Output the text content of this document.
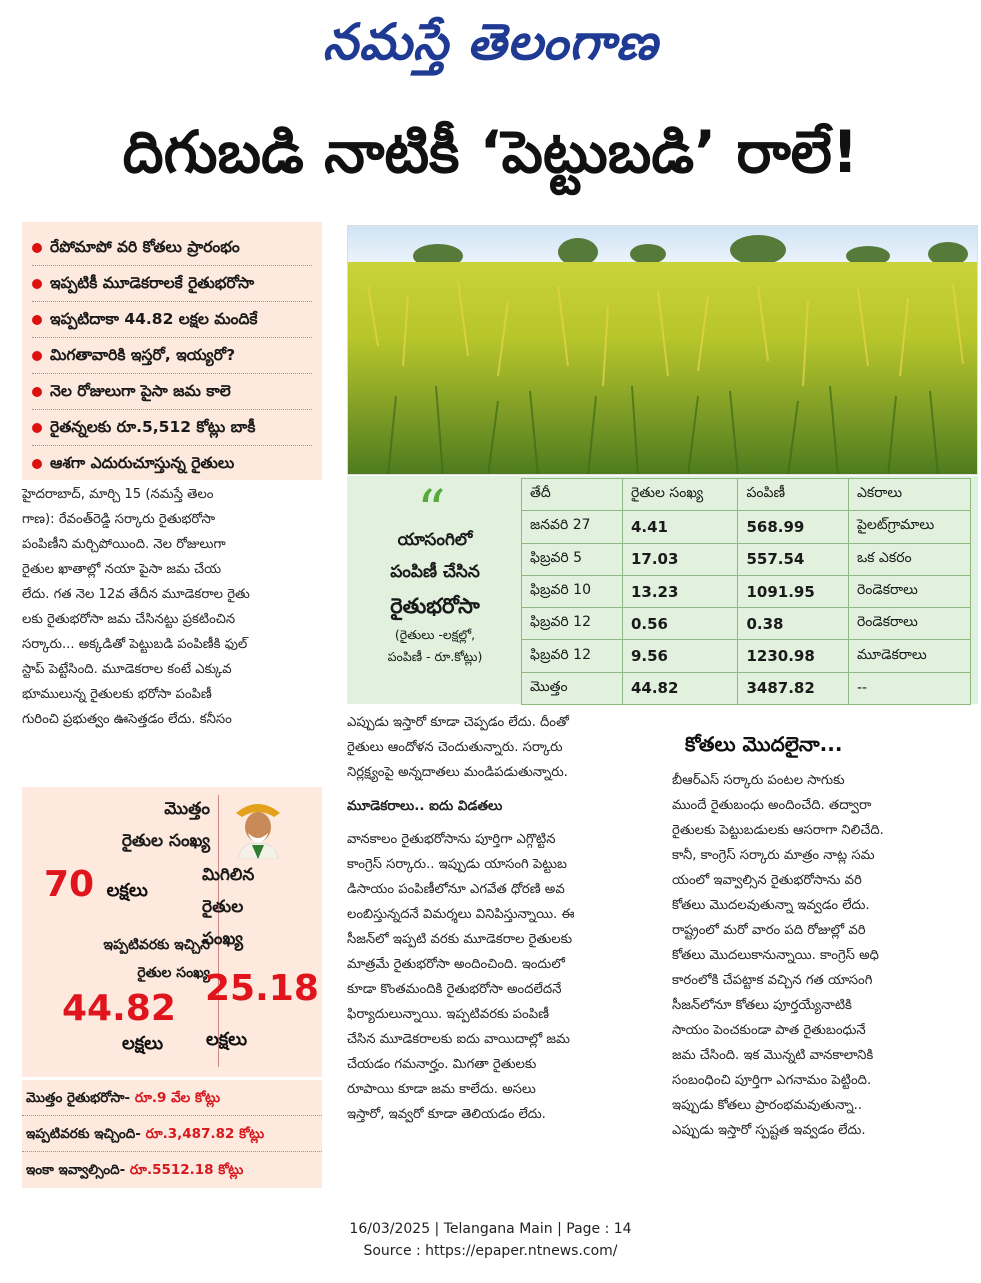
నమస్తే తెలంగాణ
దిగుబడి నాటికీ ‘పెట్టుబడి’ రాలే!
రేపోమాపో వరి కోతలు ప్రారంభం
ఇప్పటికీ మూడెకరాలకే రైతుభరోసా
ఇప్పటిదాకా 44.82 లక్షల మందికే
మిగతావారికి ఇస్తరో, ఇయ్యరో?
నెల రోజులుగా పైసా జమ కాలె
రైతన్నలకు రూ.5,512 కోట్లు బాకీ
ఆశగా ఎదురుచూస్తున్న రైతులు
“
యాసంగిలో
పంపిణీ చేసిన
రైతుభరోసా
(రైతులు -లక్షల్లో,
పంపిణీ - రూ.కోట్లు)
తేదీ	రైతుల సంఖ్య	పంపిణీ	ఎకరాలు
జనవరి 27	4.41	568.99	పైలట్‌గ్రామాలు
ఫిబ్రవరి 5	17.03	557.54	ఒక ఎకరం
ఫిబ్రవరి 10	13.23	1091.95	రెండెకరాలు
ఫిబ్రవరి 12	0.56	0.38	రెండెకరాలు
ఫిబ్రవరి 12	9.56	1230.98	మూడెకరాలు
మొత్తం	44.82	3487.82	--
హైదరాబాద్, మార్చి 15 (నమస్తే తెలం
గాణ): రేవంత్‌రెడ్డి సర్కారు రైతుభరోసా
పంపిణీని మర్చిపోయింది. నెల రోజులుగా
రైతుల ఖాతాల్లో నయా పైసా జమ చేయ
లేదు. గత నెల 12వ తేదీన మూడెకరాల రైతు
లకు రైతుభరోసా జమ చేసినట్టు ప్రకటించిన
సర్కారు... అక్కడితో పెట్టుబడి పంపిణీకి ఫుల్
స్టాప్ పెట్టేసింది. మూడెకరాల కంటే ఎక్కువ
భూములున్న రైతులకు భరోసా పంపిణీ
గురించి ప్రభుత్వం ఊసెత్తడం లేదు. కనీసం	ఎప్పుడు ఇస్తారో కూడా చెప్పడం లేదు. దీంతో
రైతులు ఆందోళన చెందుతున్నారు. సర్కారు
నిర్లక్ష్యంపై అన్నదాతలు మండిపడుతున్నారు.
మూడెకరాలు.. ఐదు విడతలు
వానకాలం రైతుభరోసాను పూర్తిగా ఎగ్గొట్టిన
కాంగ్రెస్ సర్కారు.. ఇప్పుడు యాసంగి పెట్టుబ
డిసాయం పంపిణీలోనూ ఎగవేత ధోరణి అవ
లంబిస్తున్నదనే విమర్శలు వినిపిస్తున్నాయి. ఈ
సీజన్‌లో ఇప్పటి వరకు మూడెకరాల రైతులకు
మాత్రమే రైతుభరోసా అందించింది. ఇందులో
కూడా కొంతమందికి రైతుభరోసా అందలేదనే
ఫిర్యాదులున్నాయి. ఇప్పటివరకు పంపిణీ
చేసిన మూడెకరాలకు ఐదు వాయిదాల్లో జమ
చేయడం గమనార్హం. మిగతా రైతులకు
రూపాయి కూడా జమ కాలేదు. అసలు
ఇస్తారో, ఇవ్వరో కూడా తెలియడం లేదు.
కోతలు మొదలైనా...
బీఆర్‌ఎస్ సర్కారు పంటల సాగుకు
ముందే రైతుబంధు అందించేది. తద్వారా
రైతులకు పెట్టుబడులకు ఆసరాగా నిలిచేది.
కానీ, కాంగ్రెస్ సర్కారు మాత్రం నాట్ల సమ
యంలో ఇవ్వాల్సిన రైతుభరోసాను వరి
కోతలు మొదలవుతున్నా ఇవ్వడం లేదు.
రాష్ట్రంలో మరో వారం పది రోజుల్లో వరి
కోతలు మొదలుకానున్నాయి. కాంగ్రెస్ అధి
కారంలోకి చేపట్టాక వచ్చిన గత యాసంగి
సీజన్‌లోనూ కోతలు పూర్తయ్యేనాటికి
సాయం పెంచకుండా పాత రైతుబంధునే
జమ చేసింది. ఇక మొన్నటి వానకాలానికి
సంబంధించి పూర్తిగా ఎగనామం పెట్టింది.
ఇప్పుడు కోతలు ప్రారంభమవుతున్నా..
ఎప్పుడు ఇస్తారో స్పష్టత ఇవ్వడం లేదు.
మొత్తం
రైతుల సంఖ్య
70 లక్షలు
ఇప్పటివరకు ఇచ్చిన
రైతుల సంఖ్య
44.82
లక్షలు
మిగిలిన
రైతుల
సంఖ్య
25.18
లక్షలు
మొత్తం రైతుభరోసా- రూ.9 వేల కోట్లు
ఇప్పటివరకు ఇచ్చింది- రూ.3,487.82 కోట్లు
ఇంకా ఇవ్వాల్సింది- రూ.5512.18 కోట్లు
16/03/2025 | Telangana Main | Page : 14
Source : https://epaper.ntnews.com/
